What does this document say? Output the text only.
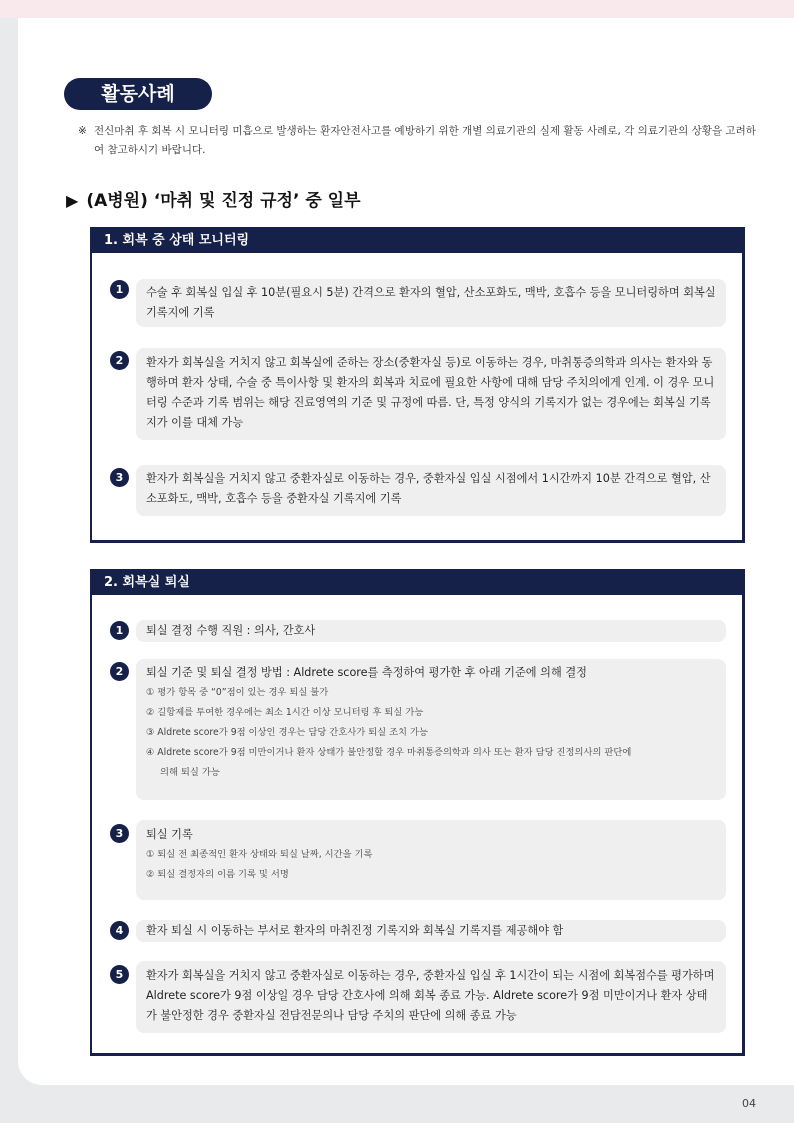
활동사례
※ 전신마취 후 회복 시 모니터링 미흡으로 발생하는 환자안전사고를 예방하기 위한 개별 의료기관의 실제 활동 사례로, 각 의료기관의 상황을 고려하여 참고하시기 바랍니다.
▶ (A병원) ‘마취 및 진정 규정’ 중 일부
1. 회복 중 상태 모니터링
1	수술 후 회복실 입실 후 10분(필요시 5분) 간격으로 환자의 혈압, 산소포화도, 맥박, 호흡수 등을 모니터링하며 회복실 기록지에 기록
2	환자가 회복실을 거치지 않고 회복실에 준하는 장소(중환자실 등)로 이동하는 경우, 마취통증의학과 의사는 환자와 동행하며 환자 상태, 수술 중 특이사항 및 환자의 회복과 치료에 필요한 사항에 대해 담당 주치의에게 인계. 이 경우 모니터링 수준과 기록 범위는 해당 진료영역의 기준 및 규정에 따름. 단, 특정 양식의 기록지가 없는 경우에는 회복실 기록지가 이를 대체 가능
3	환자가 회복실을 거치지 않고 중환자실로 이동하는 경우, 중환자실 입실 시점에서 1시간까지 10분 간격으로 혈압, 산소포화도, 맥박, 호흡수 등을 중환자실 기록지에 기록
2. 회복실 퇴실
1	퇴실 결정 수행 직원 : 의사, 간호사
2	퇴실 기준 및 퇴실 결정 방법 : Aldrete score를 측정하여 평가한 후 아래 기준에 의해 결정
① 평가 항목 중 “0”점이 있는 경우 퇴실 불가
② 길항제를 투여한 경우에는 최소 1시간 이상 모니터링 후 퇴실 가능
③ Aldrete score가 9점 이상인 경우는 담당 간호사가 퇴실 조치 가능
④ Aldrete score가 9점 미만이거나 환자 상태가 불안정할 경우 마취통증의학과 의사 또는 환자 담당 진정의사의 판단에
의해 퇴실 가능
3	퇴실 기록
① 퇴실 전 최종적인 환자 상태와 퇴실 날짜, 시간을 기록
② 퇴실 결정자의 이름 기록 및 서명
4	환자 퇴실 시 이동하는 부서로 환자의 마취진정 기록지와 회복실 기록지를 제공해야 함
5	환자가 회복실을 거치지 않고 중환자실로 이동하는 경우, 중환자실 입실 후 1시간이 되는 시점에 회복점수를 평가하며 Aldrete score가 9점 이상일 경우 담당 간호사에 의해 회복 종료 가능. Aldrete score가 9점 미만이거나 환자 상태가 불안정한 경우 중환자실 전담전문의나 담당 주치의 판단에 의해 종료 가능
04
